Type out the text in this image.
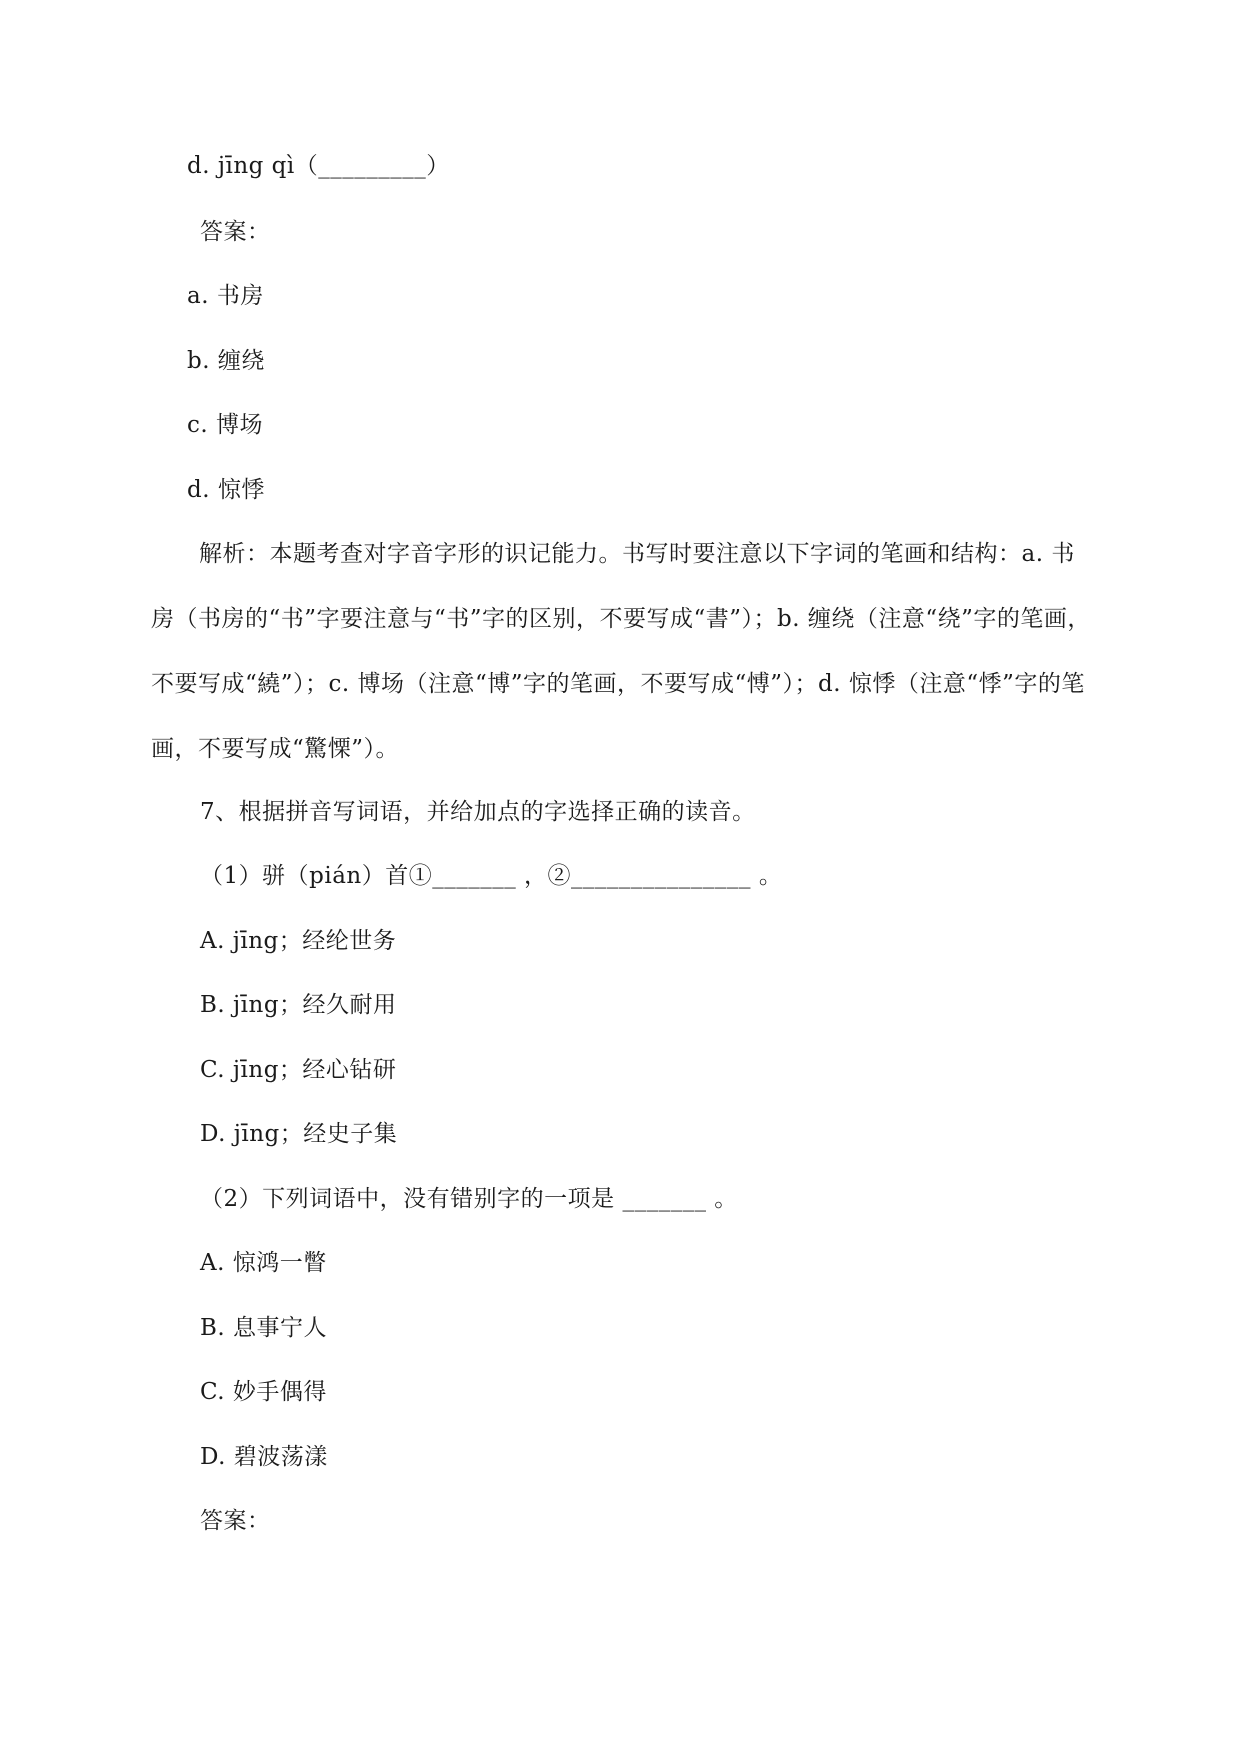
d. jīng qì（_________）
答案：
a. 书房
b. 缠绕
c. 博场
d. 惊悸
解析：本题考查对字音字形的识记能力。书写时要注意以下字词的笔画和结构：a. 书房（书房的“书”字要注意与“书”字的区别，不要写成“書”）；b. 缠绕（注意“绕”字的笔画，不要写成“繞”）；c. 博场（注意“博”字的笔画，不要写成“愽”）；d. 惊悸（注意“悸”字的笔画，不要写成“驚慄”）。
7、根据拼音写词语，并给加点的字选择正确的读音。
（1）骈（pián）首①_______ ，②_______________ 。
A. jīng；经纶世务
B. jīng；经久耐用
C. jīng；经心钻研
D. jīng；经史子集
（2）下列词语中，没有错别字的一项是 _______ 。
A. 惊鸿一瞥
B. 息事宁人
C. 妙手偶得
D. 碧波荡漾
答案：
